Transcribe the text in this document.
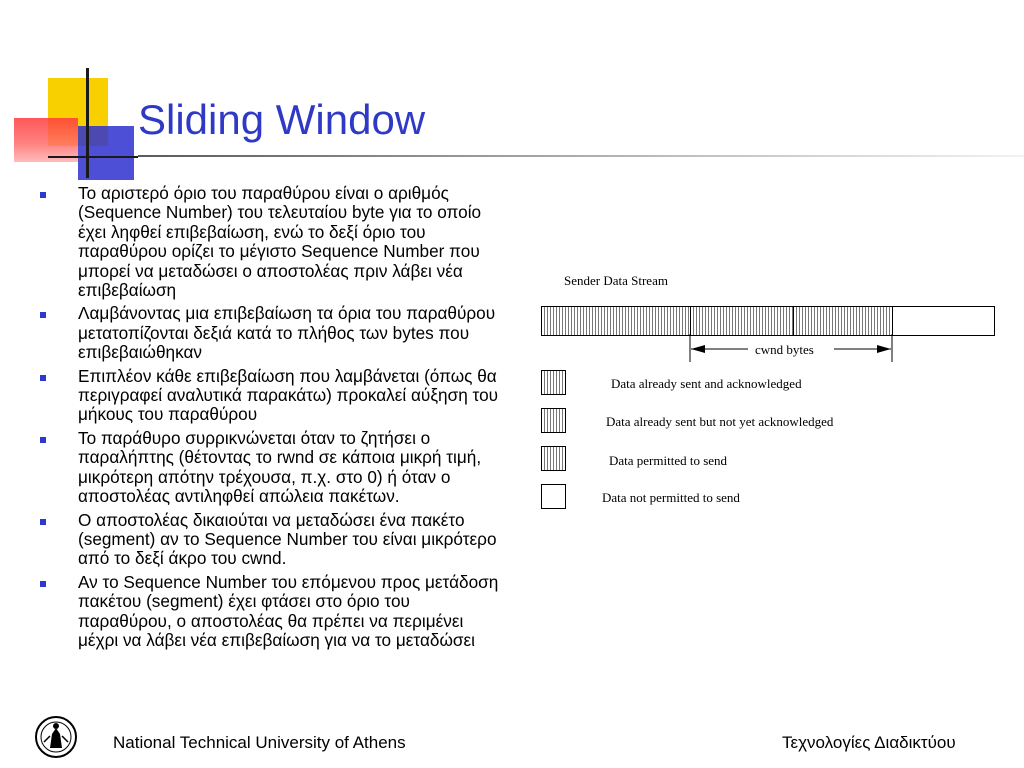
Sliding Window
Το αριστερό όριο του παραθύρου είναι ο αριθμός (Sequence Number) του τελευταίου byte για το οποίο έχει ληφθεί επιβεβαίωση, ενώ το δεξί όριο του παραθύρου ορίζει το μέγιστο Sequence Number που μπορεί να μεταδώσει ο αποστολέας πριν λάβει νέα επιβεβαίωση
Λαμβάνοντας μια επιβεβαίωση τα όρια του παραθύρου μετατοπίζονται δεξιά κατά το πλήθος των bytes που επιβεβαιώθηκαν
Επιπλέον κάθε επιβεβαίωση που λαμβάνεται (όπως θα περιγραφεί αναλυτικά παρακάτω) προκαλεί αύξηση του μήκους του παραθύρου
Το παράθυρο συρρικνώνεται όταν το ζητήσει ο παραλήπτης (θέτοντας το rwnd σε κάποια μικρή τιμή, μικρότερη απότην τρέχουσα, π.χ. στο 0) ή όταν ο αποστολέας αντιληφθεί απώλεια πακέτων.
Ο αποστολέας δικαιούται να μεταδώσει ένα πακέτο (segment) αν το Sequence Number του είναι μικρότερο από το δεξί άκρο του cwnd.
Αν το Sequence Number του επόμενου προς μετάδοση πακέτου (segment) έχει φτάσει στο όριο του παραθύρου, ο αποστολέας θα πρέπει να περιμένει μέχρι να λάβει νέα επιβεβαίωση για να το μεταδώσει
Sender Data Stream
cwnd bytes
Data already sent and acknowledged
Data already sent but not yet acknowledged
Data permitted to send
Data not permitted to send
National Technical University of Athens	Τεχνολογίες Διαδικτύου
